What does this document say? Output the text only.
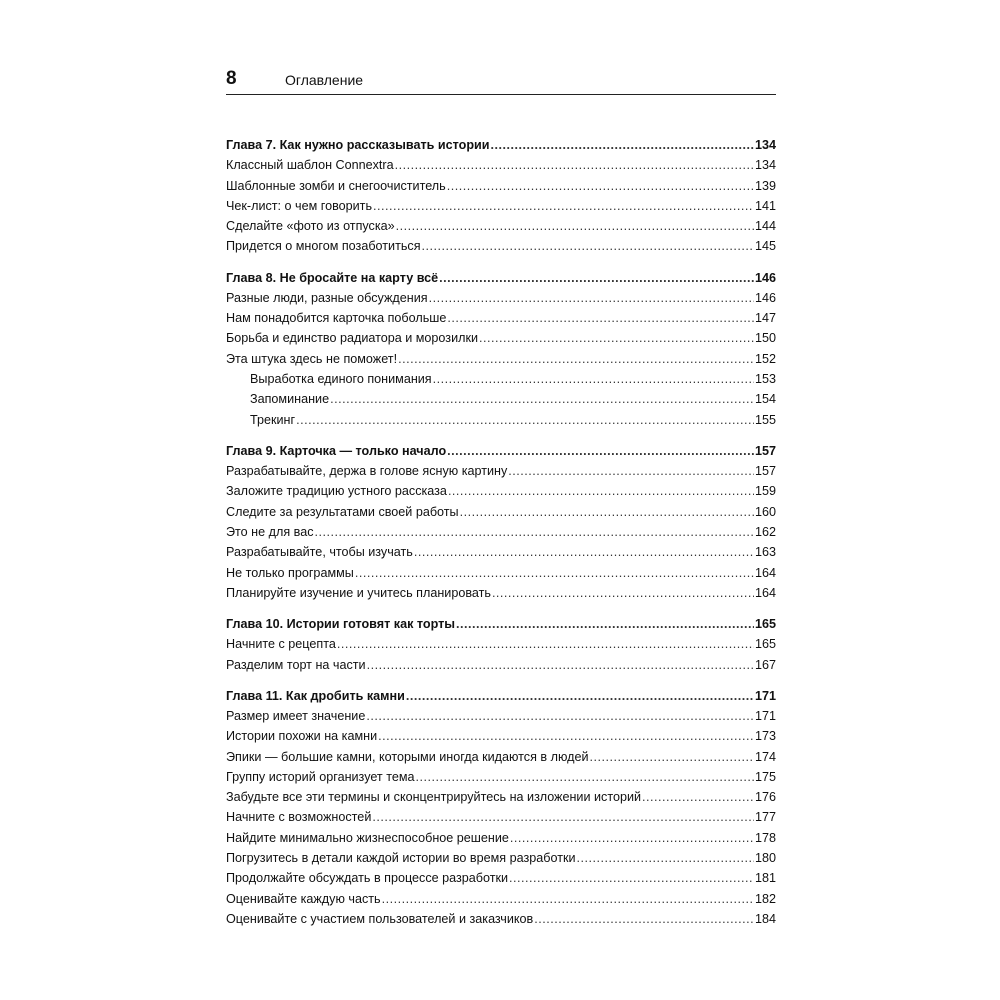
8	Оглавление
Глава 7. Как нужно рассказывать истории .....	134
Классный шаблон Connextra .....	134
Шаблонные зомби и снегоочиститель .....	139
Чек-лист: о чем говорить .....	141
Сделайте «фото из отпуска» .....	144
Придется о многом позаботиться .....	145
Глава 8. Не бросайте на карту всё .....	146
Разные люди, разные обсуждения .....	146
Нам понадобится карточка побольше .....	147
Борьба и единство радиатора и морозилки .....	150
Эта штука здесь не поможет! .....	152
Выработка единого понимания .....	153
Запоминание .....	154
Трекинг .....	155
Глава 9. Карточка — только начало .....	157
Разрабатывайте, держа в голове ясную картину .....	157
Заложите традицию устного рассказа .....	159
Следите за результатами своей работы .....	160
Это не для вас .....	162
Разрабатывайте, чтобы изучать .....	163
Не только программы .....	164
Планируйте изучение и учитесь планировать .....	164
Глава 10. Истории готовят как торты .....	165
Начните с рецепта .....	165
Разделим торт на части .....	167
Глава 11. Как дробить камни .....	171
Размер имеет значение .....	171
Истории похожи на камни .....	173
Эпики — большие камни, которыми иногда кидаются в людей .....	174
Группу историй организует тема .....	175
Забудьте все эти термины и сконцентрируйтесь на изложении историй .....	176
Начните с возможностей .....	177
Найдите минимально жизнеспособное решение .....	178
Погрузитесь в детали каждой истории во время разработки .....	180
Продолжайте обсуждать в процессе разработки .....	181
Оценивайте каждую часть .....	182
Оценивайте с участием пользователей и заказчиков .....	184
